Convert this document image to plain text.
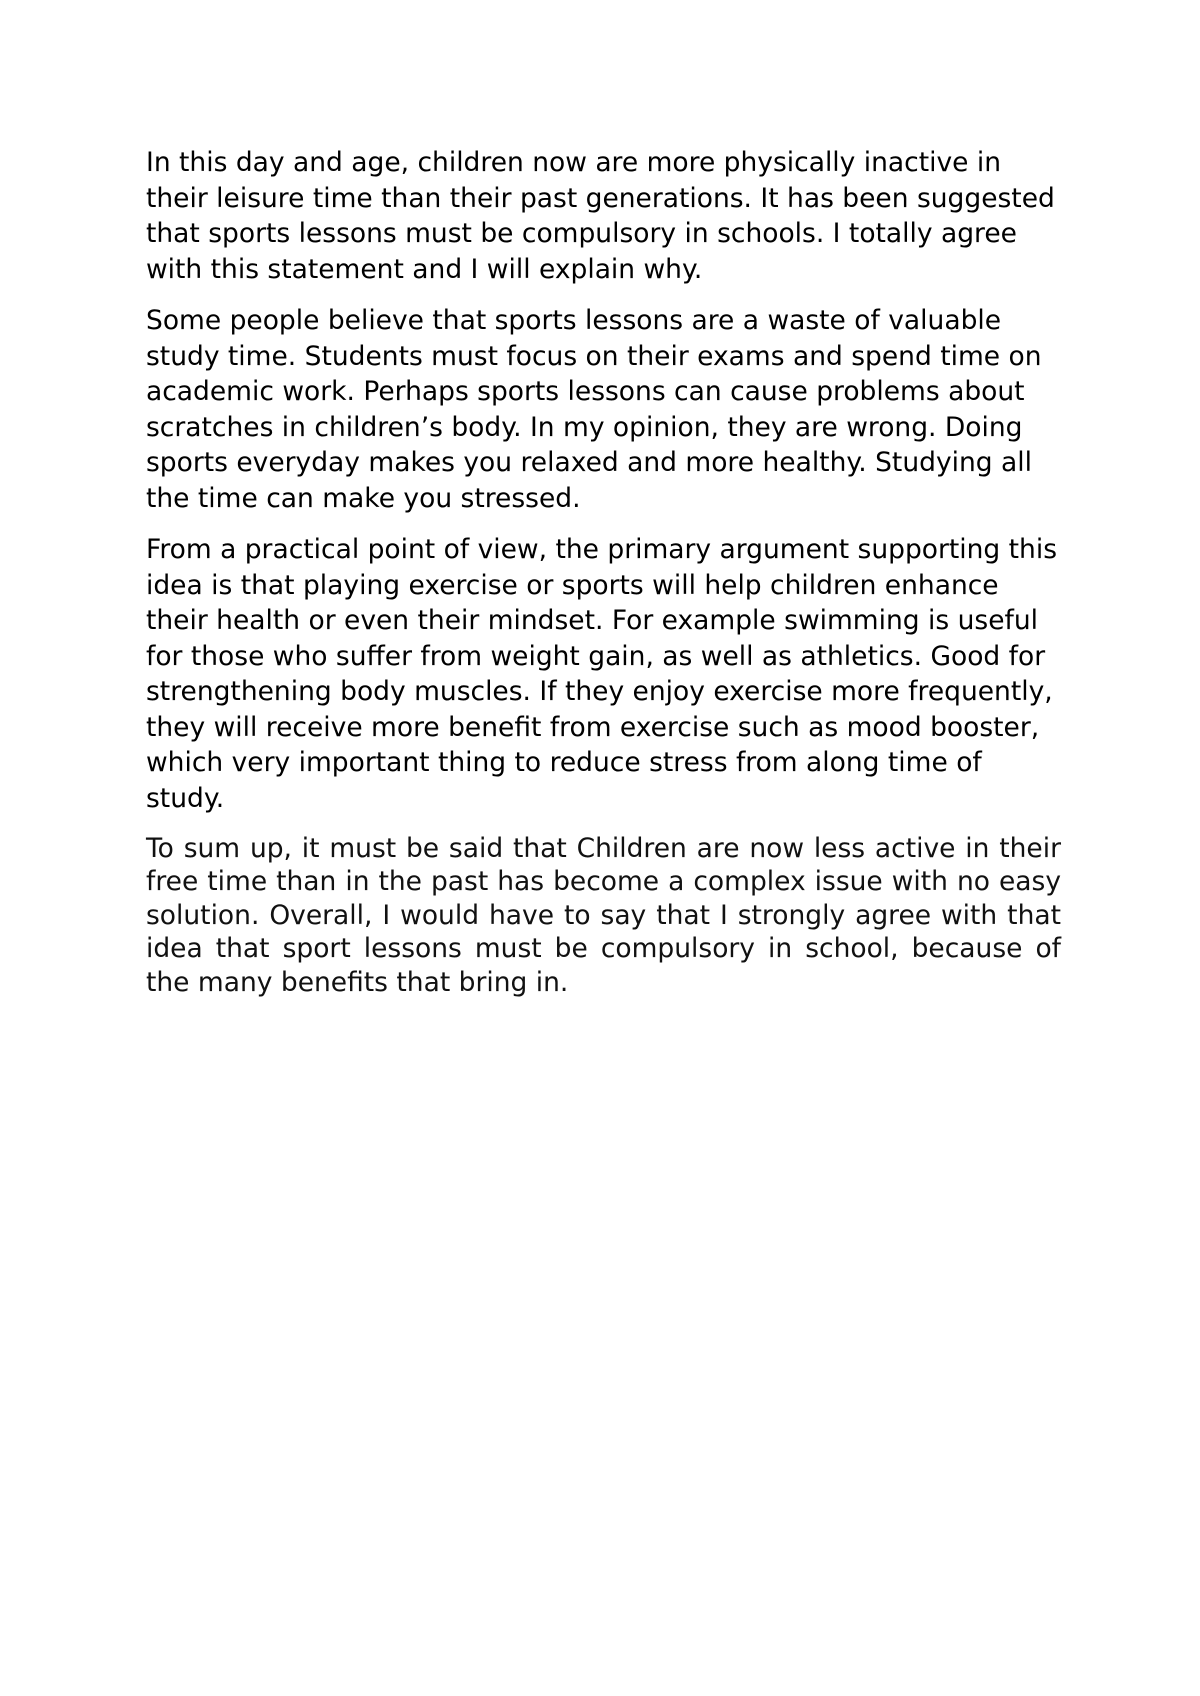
In this day and age, children now are more physically inactive in their leisure time than their past generations. It has been suggested that sports lessons must be compulsory in schools. I totally agree with this statement and I will explain why.

Some people believe that sports lessons are a waste of valuable study time. Students must focus on their exams and spend time on academic work. Perhaps sports lessons can cause problems about scratches in children’s body. In my opinion, they are wrong. Doing sports everyday makes you relaxed and more healthy. Studying all the time can make you stressed.

From a practical point of view, the primary argument supporting this idea is that playing exercise or sports will help children enhance their health or even their mindset. For example swimming is useful for those who suffer from weight gain, as well as athletics. Good for strengthening body muscles. If they enjoy exercise more frequently, they will receive more benefit from exercise such as mood booster, which very important thing to reduce stress from along time of study.

To sum up, it must be said that Children are now less active in their free time than in the past has become a complex issue with no easy solution. Overall, I would have to say that I strongly agree with that idea that sport lessons must be compulsory in school, because of the many benefits that bring in.
